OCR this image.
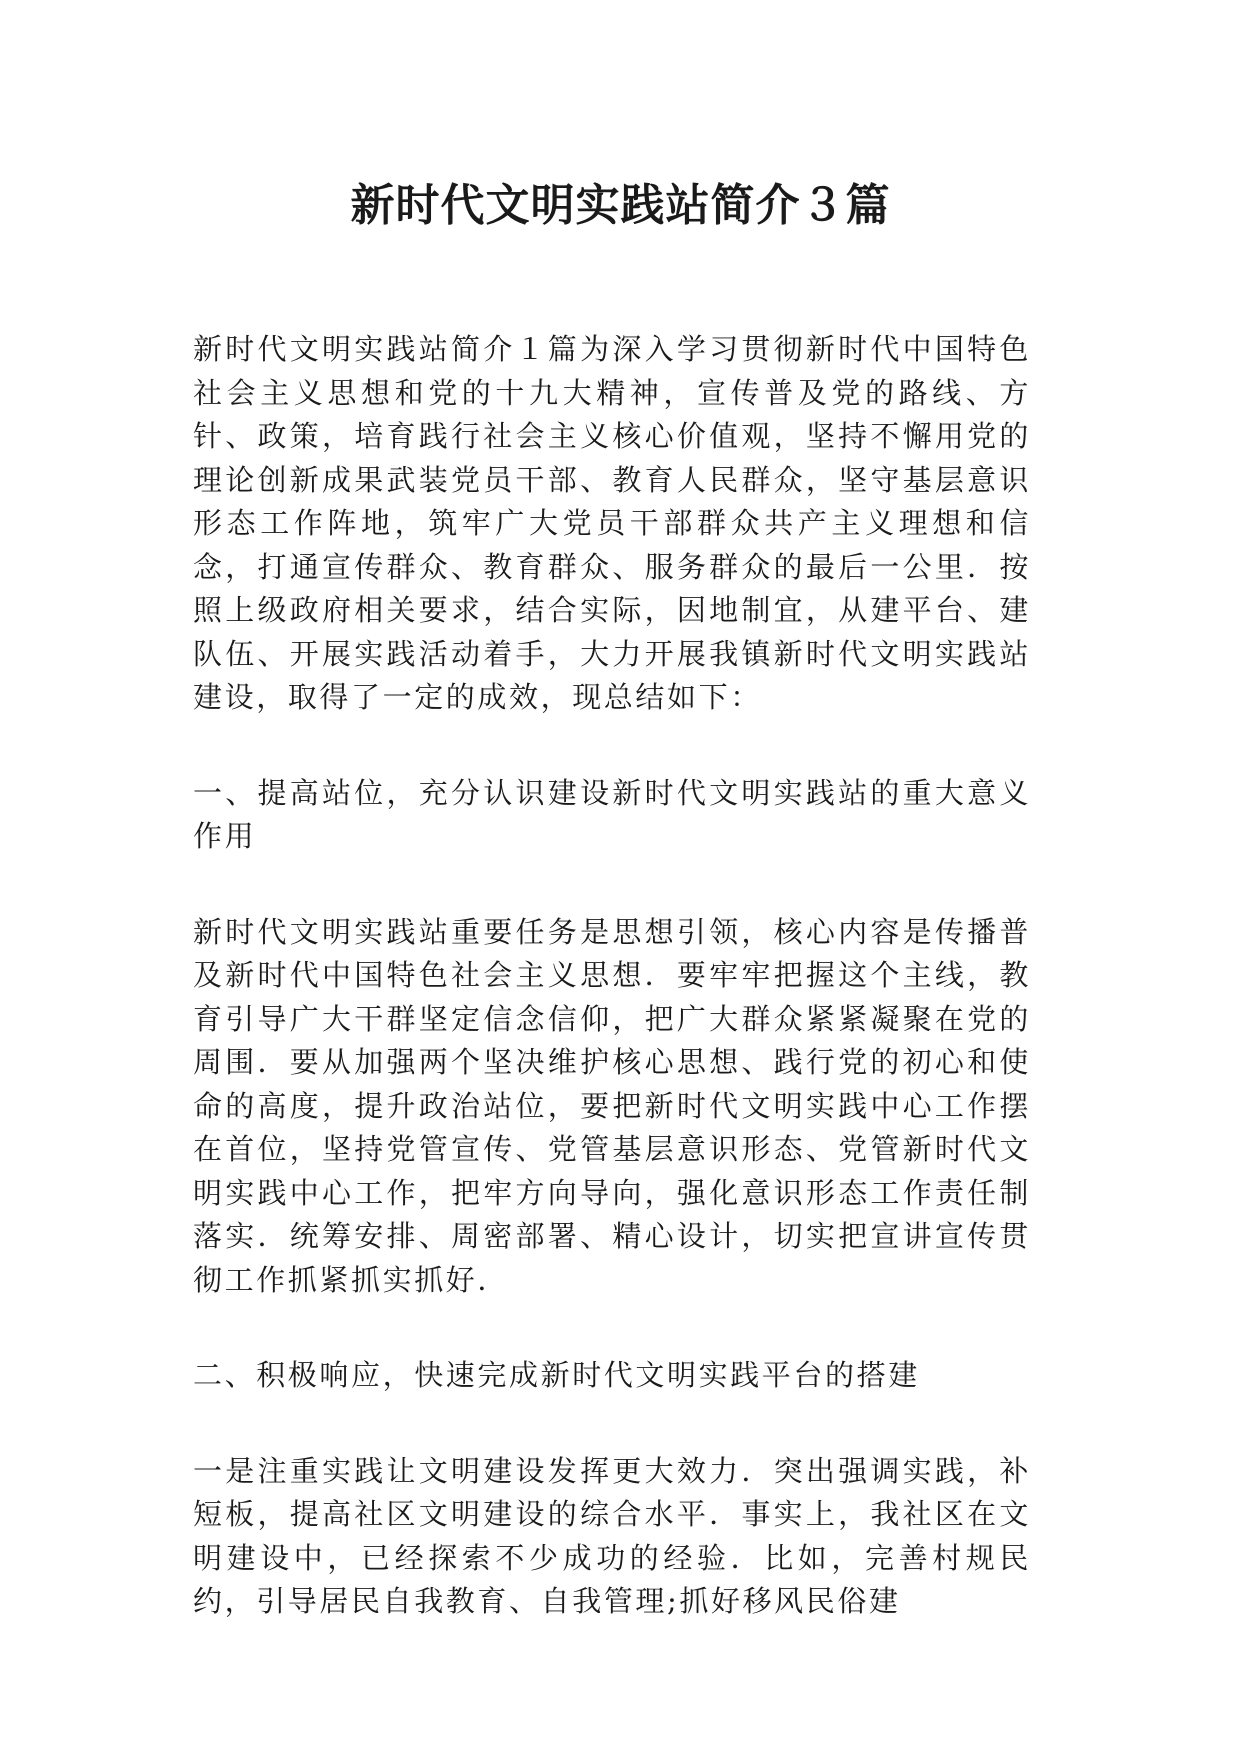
新时代文明实践站简介３篇

新时代文明实践站简介１篇为深入学习贯彻新时代中国特色社会主义思想和党的十九大精神，宣传普及党的路线、方针、政策，培育践行社会主义核心价值观，坚持不懈用党的理论创新成果武装党员干部、教育人民群众，坚守基层意识形态工作阵地，筑牢广大党员干部群众共产主义理想和信念，打通宣传群众、教育群众、服务群众的最后一公里．按照上级政府相关要求，结合实际，因地制宜，从建平台、建队伍、开展实践活动着手，大力开展我镇新时代文明实践站建设，取得了一定的成效，现总结如下：

一、提高站位，充分认识建设新时代文明实践站的重大意义作用

新时代文明实践站重要任务是思想引领，核心内容是传播普及新时代中国特色社会主义思想．要牢牢把握这个主线，教育引导广大干群坚定信念信仰，把广大群众紧紧凝聚在党的周围．要从加强两个坚决维护核心思想、践行党的初心和使命的高度，提升政治站位，要把新时代文明实践中心工作摆在首位，坚持党管宣传、党管基层意识形态、党管新时代文明实践中心工作，把牢方向导向，强化意识形态工作责任制落实．统筹安排、周密部署、精心设计，切实把宣讲宣传贯彻工作抓紧抓实抓好．

二、积极响应，快速完成新时代文明实践平台的搭建

一是注重实践让文明建设发挥更大效力．突出强调实践，补短板，提高社区文明建设的综合水平．事实上，我社区在文明建设中，已经探索不少成功的经验．比如，完善村规民约，引导居民自我教育、自我管理;抓好移风民俗建
